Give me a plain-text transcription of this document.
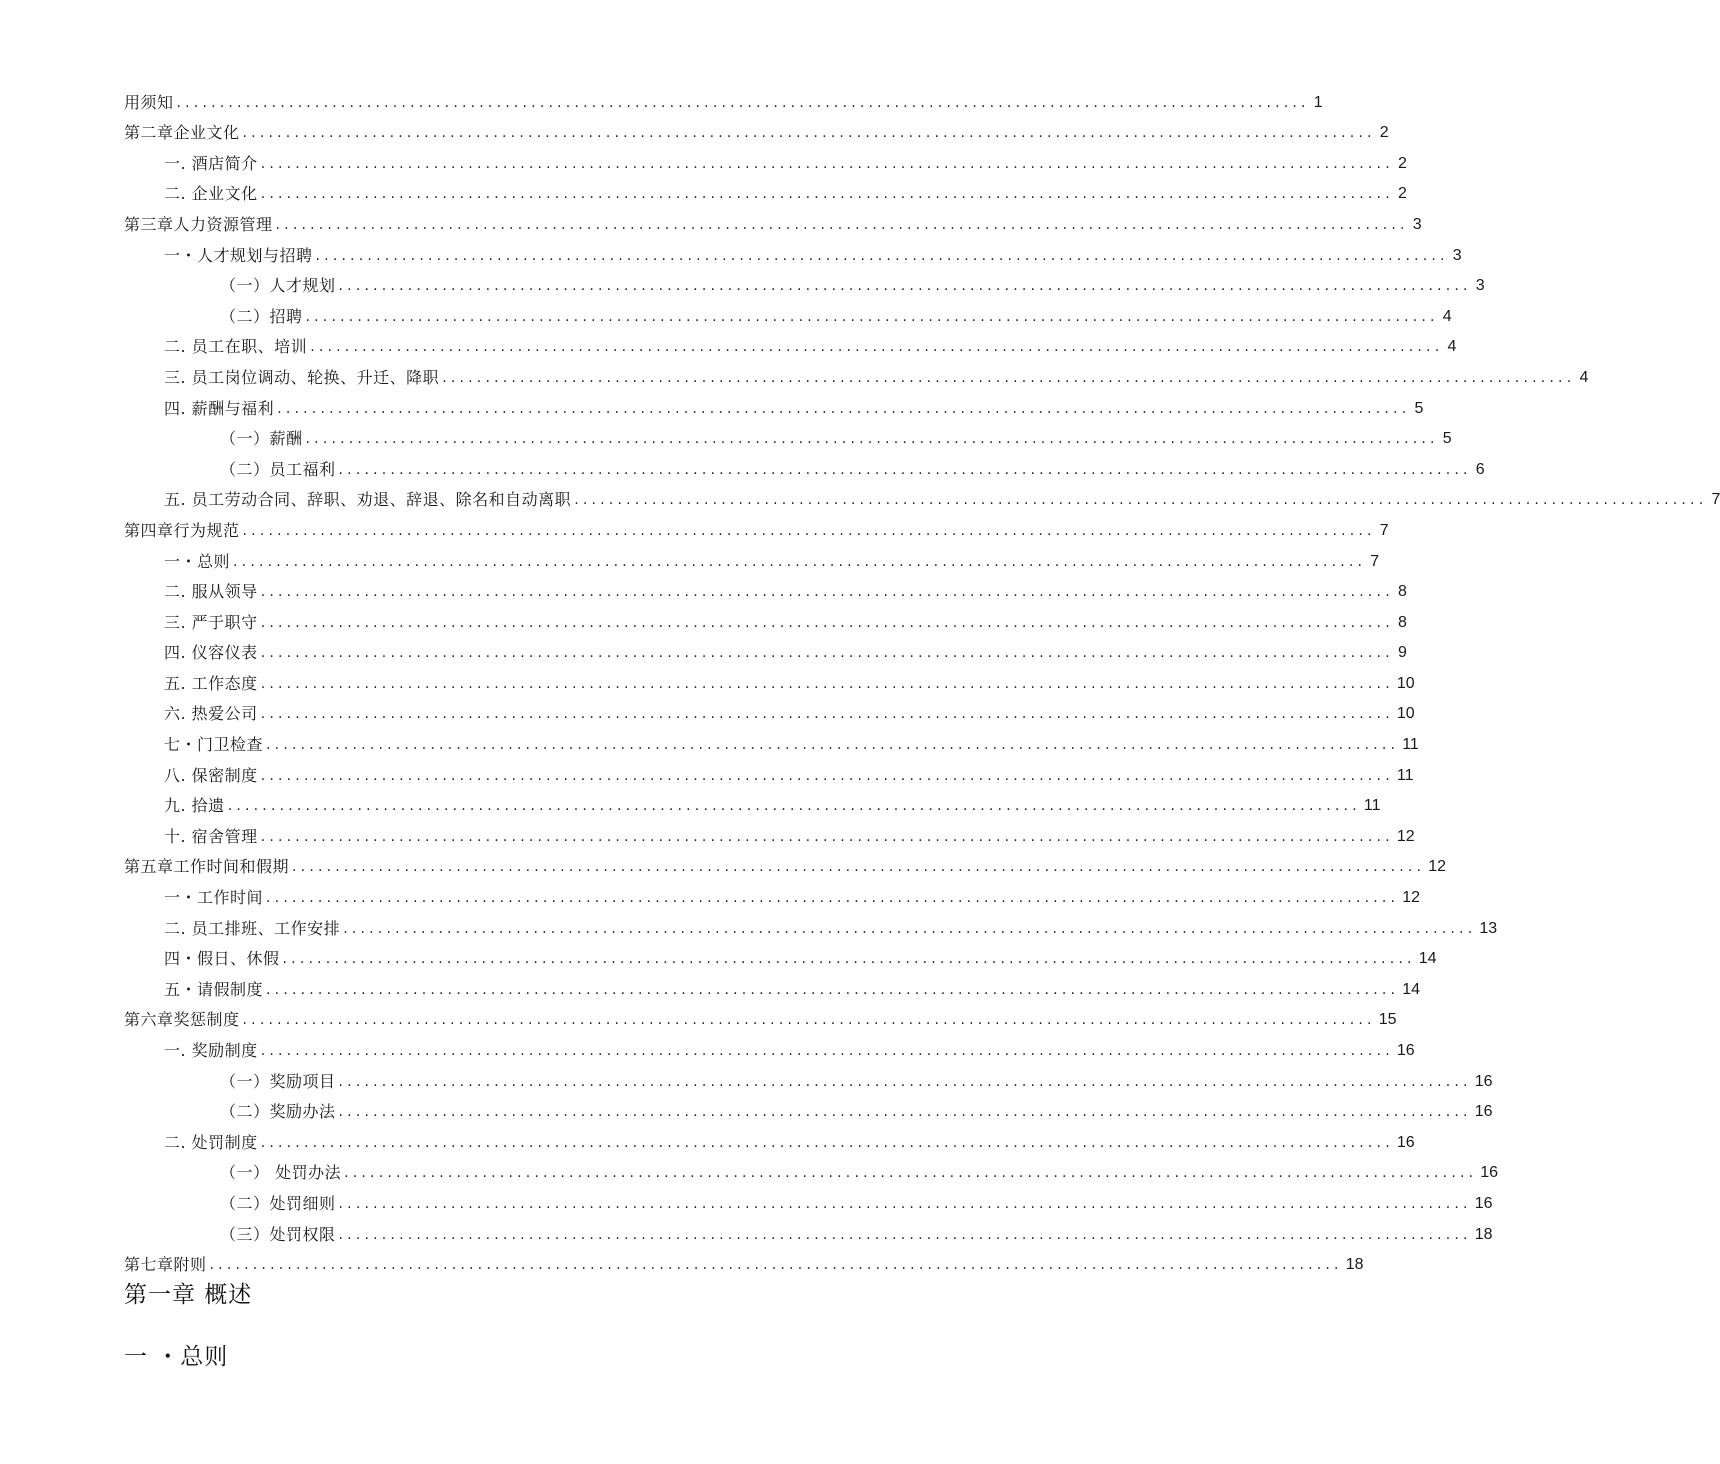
用须知 ................................................................................................................................... 1
第二章企业文化 ................................................................................................................................... 2
一. 酒店简介 ................................................................................................................................... 2
二. 企业文化 ................................................................................................................................... 2
第三章人力资源管理 ................................................................................................................................... 3
一・人才规划与招聘 ................................................................................................................................... 3
（一）人才规划 ................................................................................................................................... 3
（二）招聘 ................................................................................................................................... 4
二. 员工在职、培训 ................................................................................................................................... 4
三. 员工岗位调动、轮换、升迁、降职 ................................................................................................................................... 4
四. 薪酬与福利 ................................................................................................................................... 5
（一）薪酬 ................................................................................................................................... 5
（二）员工福利 ................................................................................................................................... 6
五. 员工劳动合同、辞职、劝退、辞退、除名和自动离职 ................................................................................................................................... 7
第四章行为规范 ................................................................................................................................... 7
一・总则 ................................................................................................................................... 7
二. 服从领导 ................................................................................................................................... 8
三. 严于职守 ................................................................................................................................... 8
四. 仪容仪表 ................................................................................................................................... 9
五. 工作态度 ................................................................................................................................... 10
六. 热爱公司 ................................................................................................................................... 10
七・门卫检查 ................................................................................................................................... 11
八. 保密制度 ................................................................................................................................... 11
九. 拾遗 ................................................................................................................................... 11
十. 宿舍管理 ................................................................................................................................... 12
第五章工作时间和假期 ................................................................................................................................... 12
一・工作时间 ................................................................................................................................... 12
二. 员工排班、工作安排 ................................................................................................................................... 13
四・假日、休假 ................................................................................................................................... 14
五・请假制度 ................................................................................................................................... 14
第六章奖惩制度 ................................................................................................................................... 15
一. 奖励制度 ................................................................................................................................... 16
（一）奖励项目 ................................................................................................................................... 16
（二）奖励办法 ................................................................................................................................... 16
二. 处罚制度 ................................................................................................................................... 16
（一） 处罚办法 ................................................................................................................................... 16
（二）处罚细则 ................................................................................................................................... 16
（三）处罚权限 ................................................................................................................................... 18
第七章附则 ................................................................................................................................... 18
第一章 概述
一 ・总则
